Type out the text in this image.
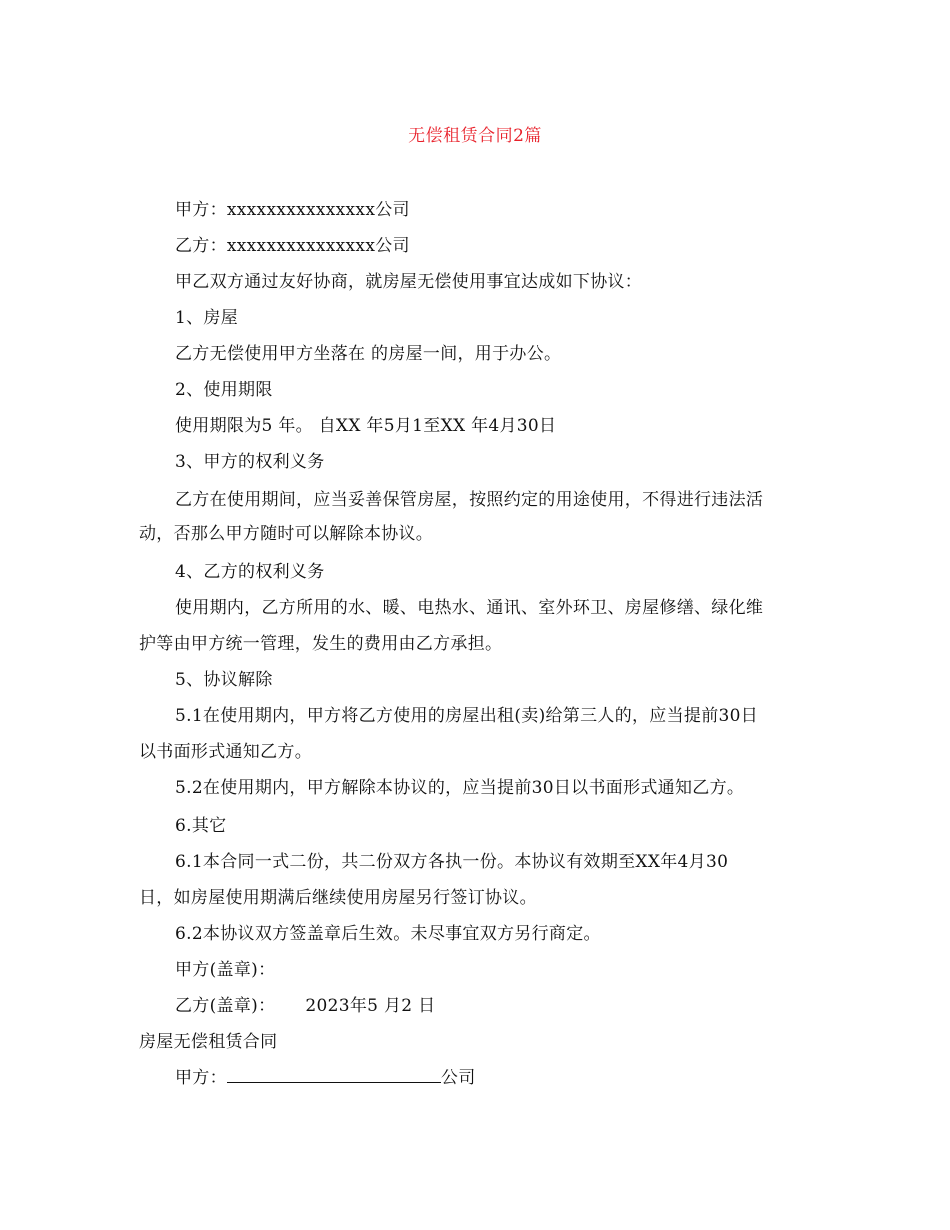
无偿租赁合同2篇
甲方：xxxxxxxxxxxxxxx公司
乙方：xxxxxxxxxxxxxxx公司
甲乙双方通过友好协商，就房屋无偿使用事宜达成如下协议：
1、房屋
乙方无偿使用甲方坐落在 的房屋一间，用于办公。
2、使用期限
使用期限为5 年。 自XX 年5月1至XX 年4月30日
3、甲方的权利义务
乙方在使用期间，应当妥善保管房屋，按照约定的用途使用，不得进行违法活
动，否那么甲方随时可以解除本协议。
4、乙方的权利义务
使用期内，乙方所用的水、暖、电热水、通讯、室外环卫、房屋修缮、绿化维
护等由甲方统一管理，发生的费用由乙方承担。
5、协议解除
5.1在使用期内，甲方将乙方使用的房屋出租(卖)给第三人的，应当提前30日
以书面形式通知乙方。
5.2在使用期内，甲方解除本协议的，应当提前30日以书面形式通知乙方。
6.其它
6.1本合同一式二份，共二份双方各执一份。本协议有效期至XX年4月30
日，如房屋使用期满后继续使用房屋另行签订协议。
6.2本协议双方签盖章后生效。未尽事宜双方另行商定。
甲方(盖章)：
乙方(盖章)： 2023年5 月2 日
房屋无偿租赁合同
甲方：	公司
